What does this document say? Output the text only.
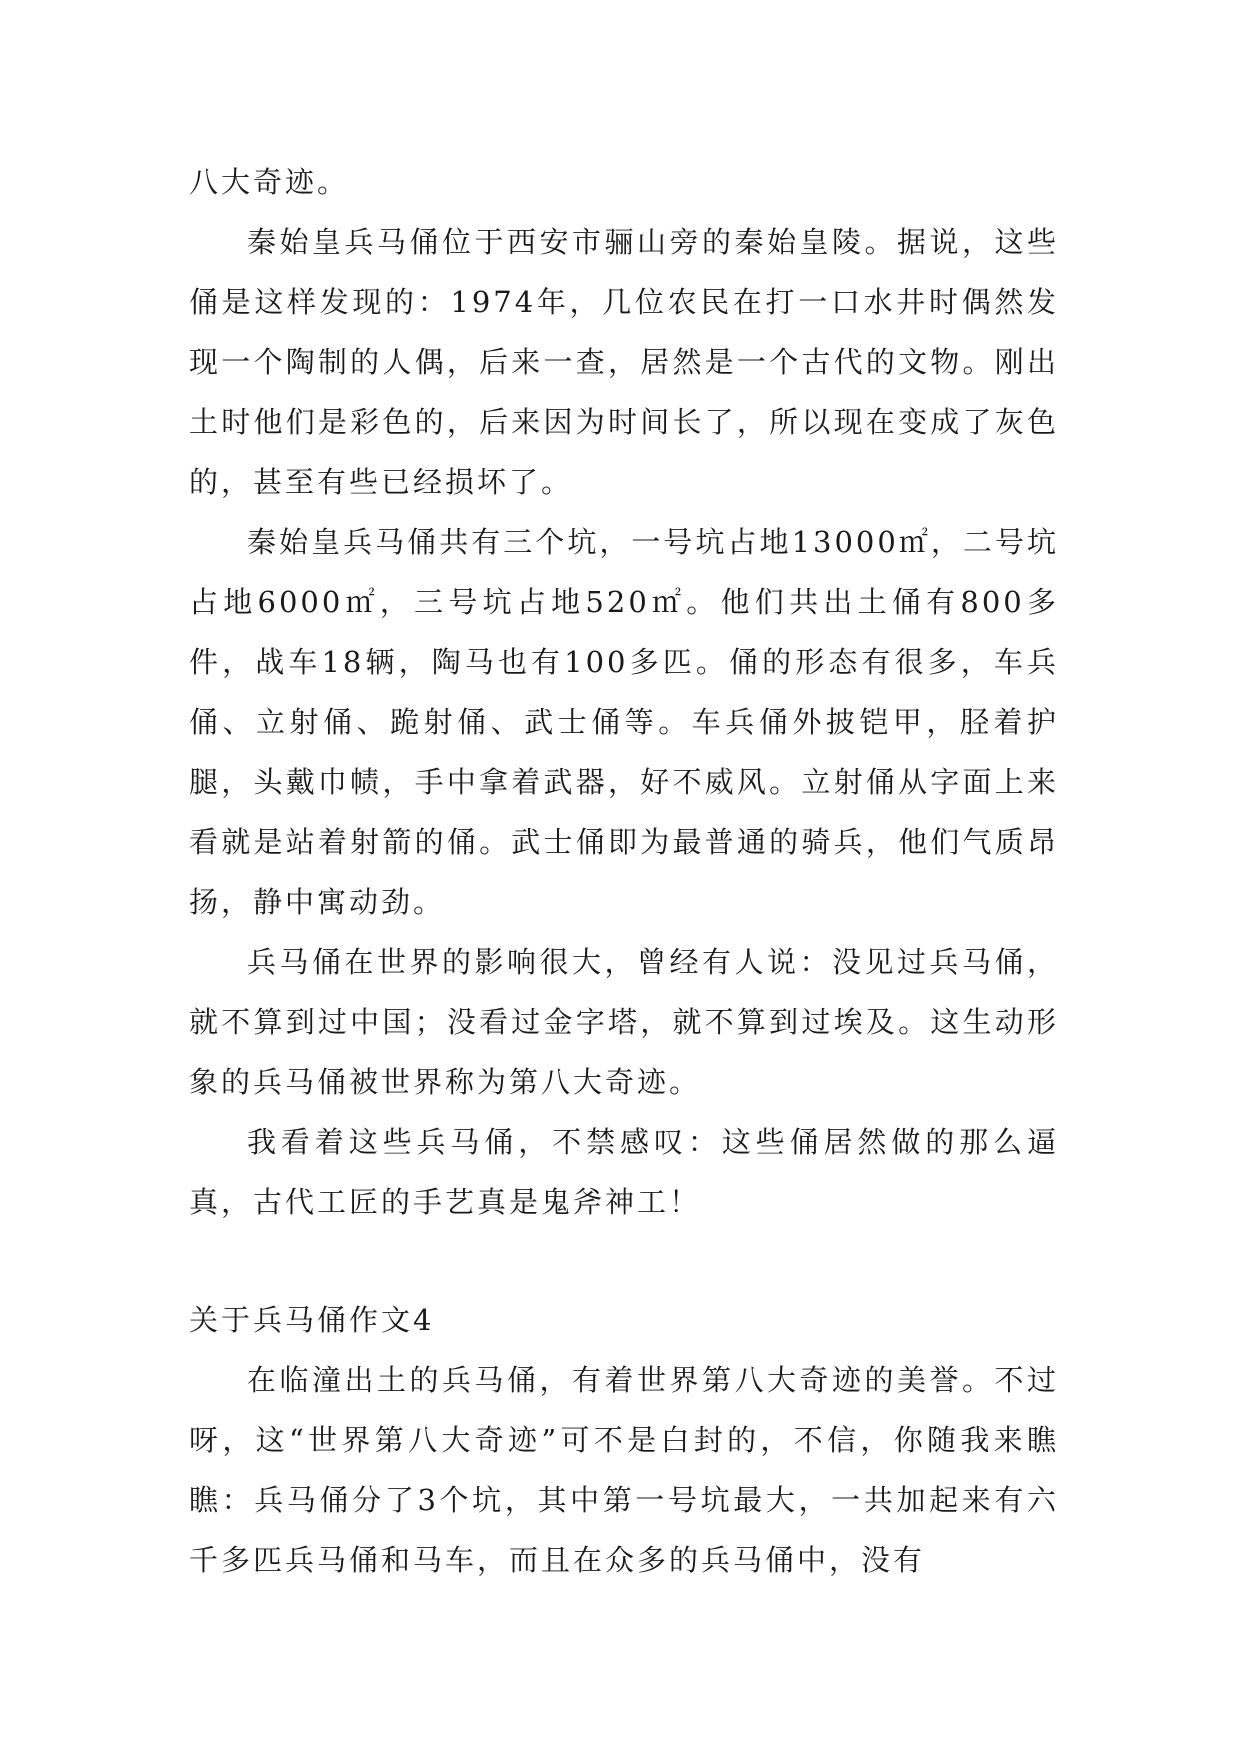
八大奇迹。

秦始皇兵马俑位于西安市骊山旁的秦始皇陵。据说，这些俑是这样发现的：1974年，几位农民在打一口水井时偶然发现一个陶制的人偶，后来一查，居然是一个古代的文物。刚出土时他们是彩色的，后来因为时间长了，所以现在变成了灰色的，甚至有些已经损坏了。

秦始皇兵马俑共有三个坑，一号坑占地13000㎡，二号坑占地6000㎡，三号坑占地520㎡。他们共出土俑有800多件，战车18辆，陶马也有100多匹。俑的形态有很多，车兵俑、立射俑、跪射俑、武士俑等。车兵俑外披铠甲，胫着护腿，头戴巾帻，手中拿着武器，好不威风。立射俑从字面上来看就是站着射箭的俑。武士俑即为最普通的骑兵，他们气质昂扬，静中寓动劲。

兵马俑在世界的影响很大，曾经有人说：没见过兵马俑，就不算到过中国；没看过金字塔，就不算到过埃及。这生动形象的兵马俑被世界称为第八大奇迹。

我看着这些兵马俑，不禁感叹：这些俑居然做的那么逼真，古代工匠的手艺真是鬼斧神工！

关于兵马俑作文4

在临潼出土的兵马俑，有着世界第八大奇迹的美誉。不过呀，这“世界第八大奇迹”可不是白封的，不信，你随我来瞧瞧：兵马俑分了3个坑，其中第一号坑最大，一共加起来有六千多匹兵马俑和马车，而且在众多的兵马俑中，没有
